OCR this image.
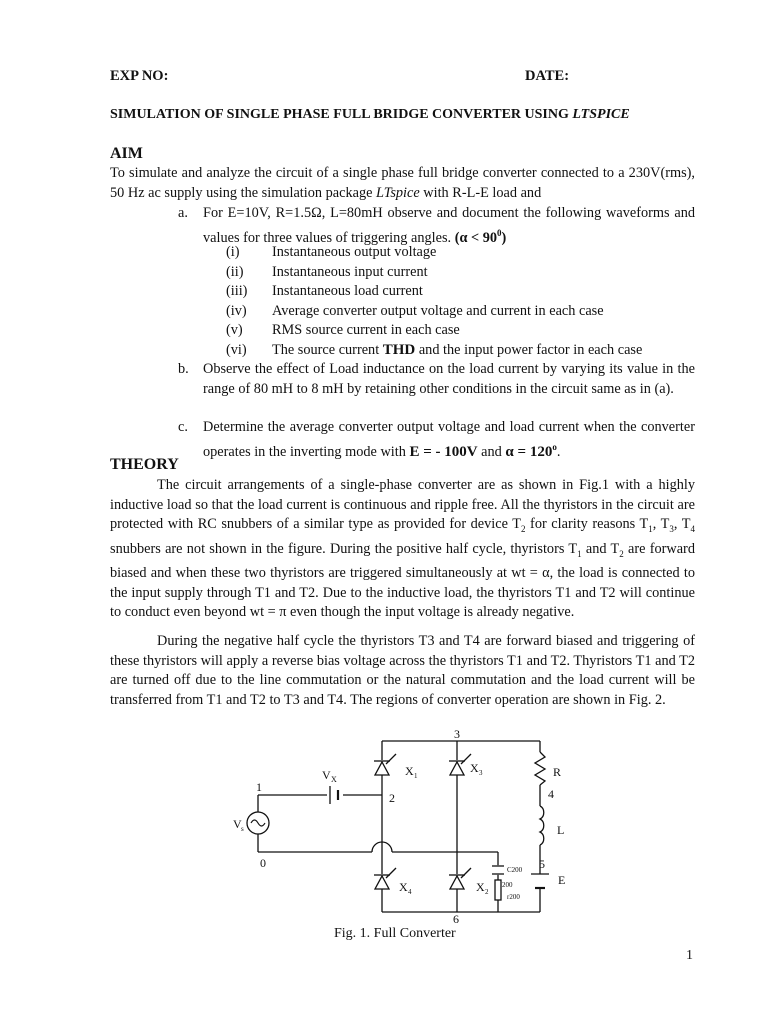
EXP NO:	DATE:
SIMULATION OF SINGLE PHASE FULL BRIDGE CONVERTER USING LTSPICE
AIM
To simulate and analyze the circuit of a single phase full bridge converter connected to a 230V(rms), 50 Hz ac supply using the simulation package LTspice with R-L-E load and
a.	For E=10V, R=1.5Ω, L=80mH observe and document the following waveforms and values for three values of triggering angles. $(\alpha < 90^0)$
(i) Instantaneous output voltage
(ii) Instantaneous input current
(iii) Instantaneous load current
(iv) Average converter output voltage and current in each case
(v) RMS source current in each case
(vi) The source current THD and the input power factor in each case
b. Observe the effect of Load inductance on the load current by varying its value in the range of 80 mH to 8 mH by retaining other conditions in the circuit same as in (a).
c.	Determine the average converter output voltage and load current when the converter operates in the inverting mode with E = - 100V and $\alpha = 120^o$.
THEORY
The circuit arrangements of a single-phase converter are as shown in Fig.1 with a highly inductive load so that the load current is continuous and ripple free. All the thyristors in the circuit are protected with RC snubbers of a similar type as provided for device $T_2$ for clarity reasons $T_1$, $T_3$, $T_4$ snubbers are not shown in the figure. During the positive half cycle, thyristors $T_1$ and $T_2$ are forward biased and when these two thyristors are triggered simultaneously at wt = α, the load is connected to the input supply through T1 and T2. Due to the inductive load, the thyristors T1 and T2 will continue to conduct even beyond wt = π even though the input voltage is already negative.
During the negative half cycle the thyristors T3 and T4 are forward biased and triggering of these thyristors will apply a reverse bias voltage across the thyristors T1 and T2. Thyristors T1 and T2 are turned off due to the line commutation or the natural commutation and the load current will be transferred from T1 and T2 to T3 and T4. The regions of converter operation are shown in Fig. 2.
3
2
1
0
4
5
6
V X
V s
X 1
X 3
X 4	X 2
R
L
E
C200
200
r200
Fig. 1. Full Converter
1
